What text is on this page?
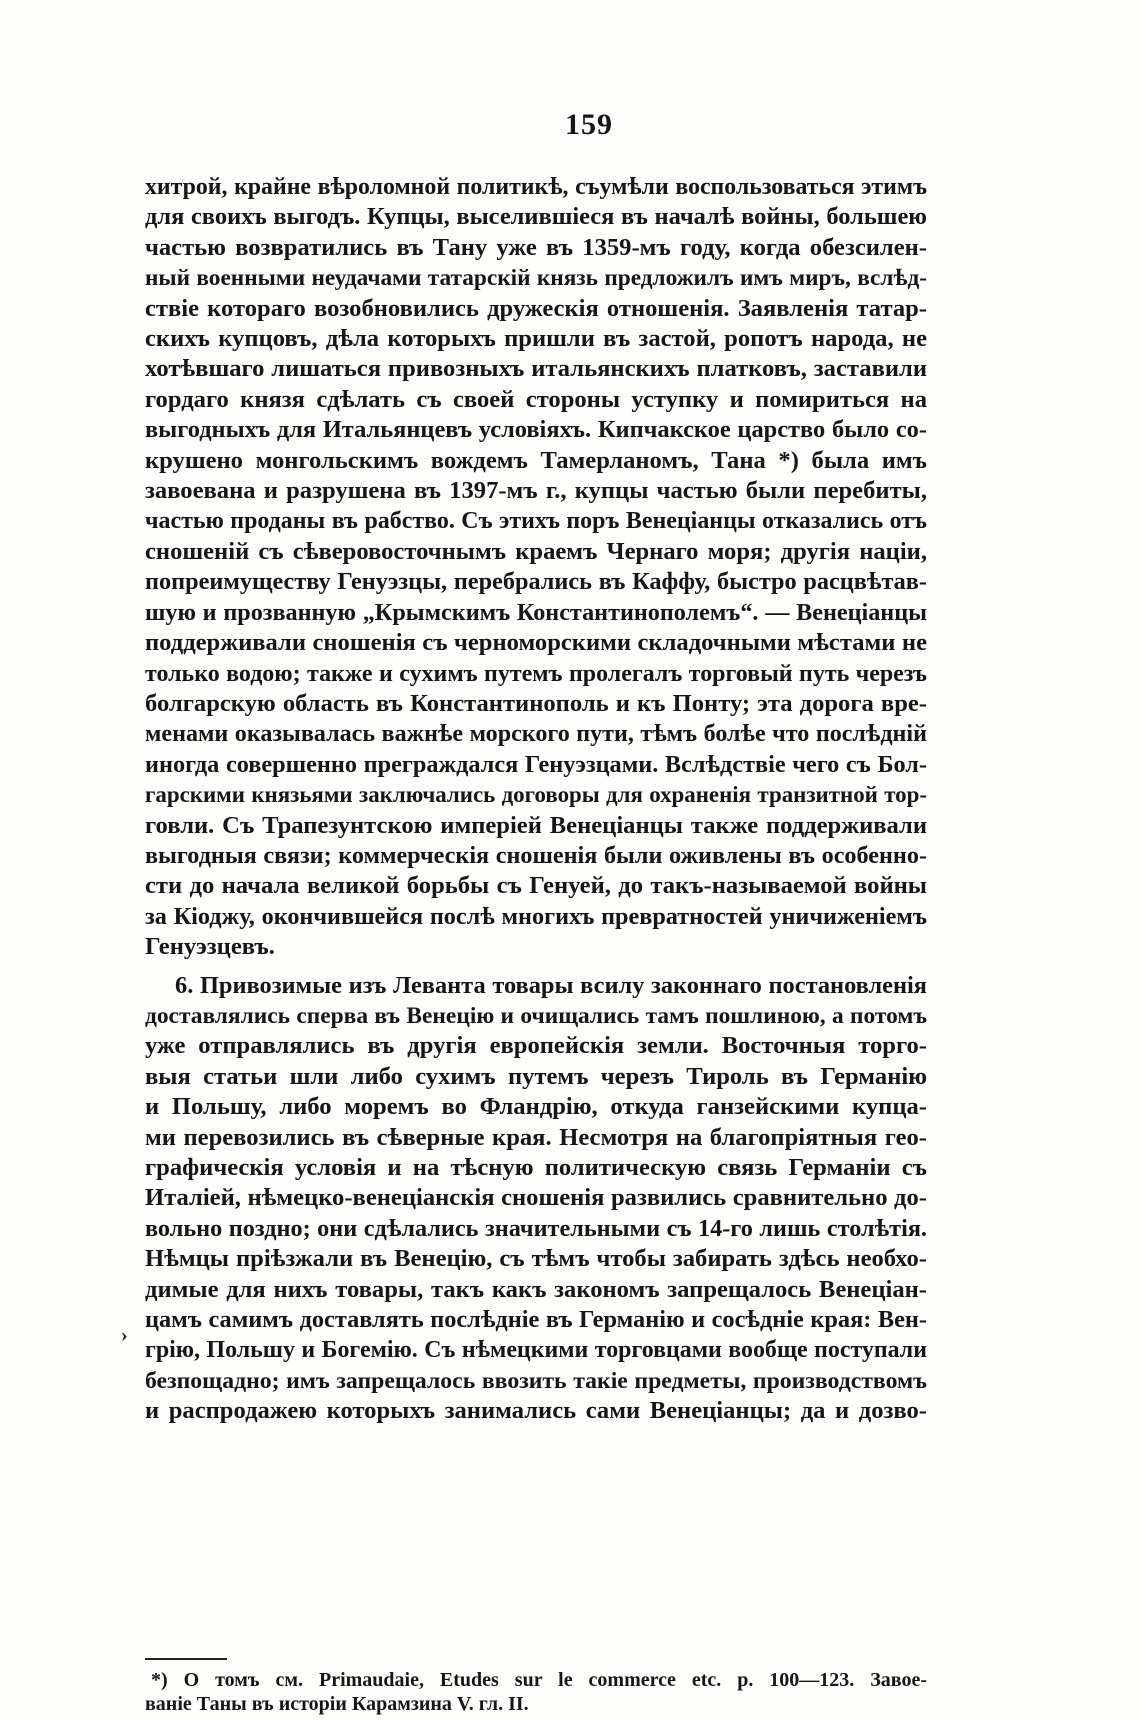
159
хитрой, крайне вѣроломной политикѣ, съумѣли воспользоваться этимъ
для своихъ выгодъ. Купцы, выселившіеся въ началѣ войны, большею
частью возвратились въ Тану уже въ 1359-мъ году, когда обезсилен-
ный военными неудачами татарскій князь предложилъ имъ миръ, вслѣд-
ствіе котораго возобновились дружескія отношенія. Заявленія татар-
скихъ купцовъ, дѣла которыхъ пришли въ застой, ропотъ народа, не
хотѣвшаго лишаться привозныхъ итальянскихъ платковъ, заставили
гордаго князя сдѣлать съ своей стороны уступку и помириться на
выгодныхъ для Итальянцевъ условіяхъ. Кипчакское царство было со-
крушено монгольскимъ вождемъ Тамерланомъ, Тана *) была имъ
завоевана и разрушена въ 1397-мъ г., купцы частью были перебиты,
частью проданы въ рабство. Съ этихъ поръ Венеціанцы отказались отъ
сношеній съ сѣверовосточнымъ краемъ Чернаго моря; другія націи,
попреимуществу Генуэзцы, перебрались въ Каффу, быстро расцвѣтав-
шую и прозванную „Крымскимъ Константинополемъ“. — Венеціанцы
поддерживали сношенія съ черноморскими складочными мѣстами не
только водою; также и сухимъ путемъ пролегалъ торговый путь черезъ
болгарскую область въ Константинополь и къ Понту; эта дорога вре-
менами оказывалась важнѣе морского пути, тѣмъ болѣе что послѣдній
иногда совершенно преграждался Генуэзцами. Вслѣдствіе чего съ Бол-
гарскими князьями заключались договоры для охраненія транзитной тор-
говли. Съ Трапезунтскою имперіей Венеціанцы также поддерживали
выгодныя связи; коммерческія сношенія были оживлены въ особенно-
сти до начала великой борьбы съ Генуей, до такъ-называемой войны
за Кіоджу, окончившейся послѣ многихъ превратностей уничиженіемъ
Генуэзцевъ.
6. Привозимые изъ Леванта товары всилу законнаго постановленія
доставлялись сперва въ Венецію и очищались тамъ пошлиною, а потомъ
уже отправлялись въ другія европейскія земли. Восточныя торго-
выя статьи шли либо сухимъ путемъ черезъ Тироль въ Германію
и Польшу, либо моремъ во Фландрію, откуда ганзейскими купца-
ми перевозились въ сѣверные края. Несмотря на благопріятныя гео-
графическія условія и на тѣсную политическую связь Германіи съ
Италіей, нѣмецко-венеціанскія сношенія развились сравнительно до-
вольно поздно; они сдѣлались значительными съ 14-го лишь столѣтія.
Нѣмцы пріѣзжали въ Венецію, съ тѣмъ чтобы забирать здѣсь необхо-
димые для нихъ товары, такъ какъ закономъ запрещалось Венеціан-
цамъ самимъ доставлять послѣдніе въ Германію и сосѣдніе края: Вен-
грію, Польшу и Богемію. Съ нѣмецкими торговцами вообще поступали
безпощадно; имъ запрещалось ввозить такіе предметы, производствомъ
и распродажею которыхъ занимались сами Венеціанцы; да и дозво-
›
*) О томъ см. Primaudaie, Etudes sur le commerce etc. p. 100—123. Завое-
ваніе Таны въ исторіи Карамзина V. гл. II.
